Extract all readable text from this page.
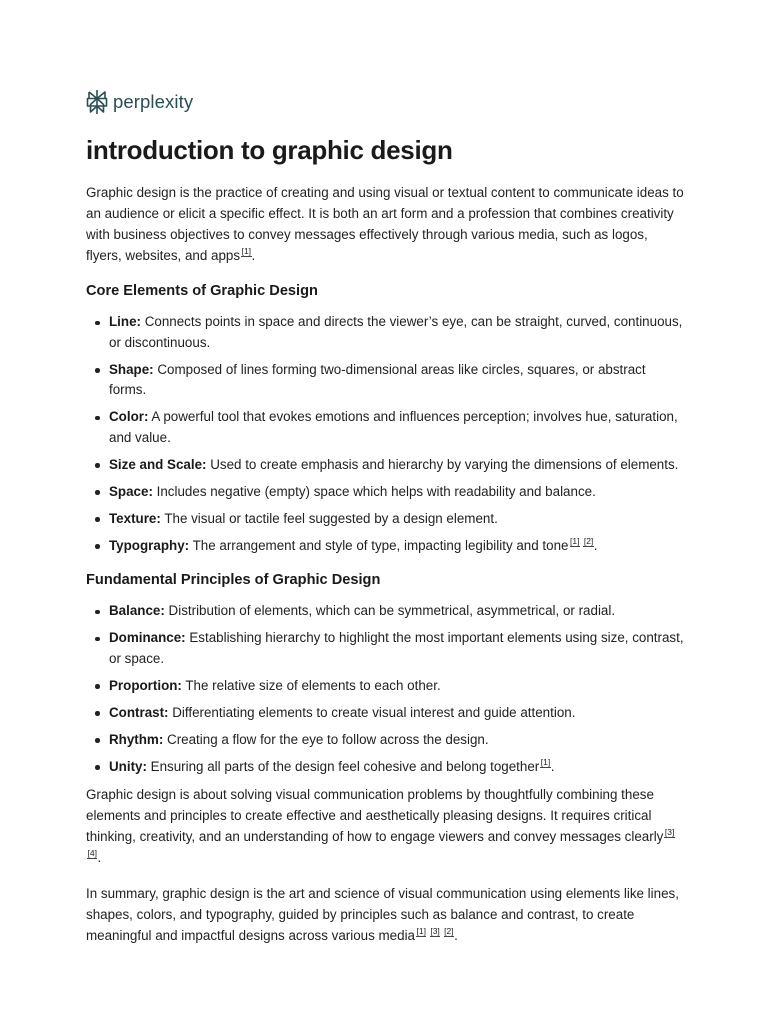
perplexity
introduction to graphic design

Graphic design is the practice of creating and using visual or textual content to communicate ideas to an audience or elicit a specific effect. It is both an art form and a profession that combines creativity with business objectives to convey messages effectively through various media, such as logos, flyers, websites, and apps [1].

Core Elements of Graphic Design
Line: Connects points in space and directs the viewer’s eye, can be straight, curved, continuous, or discontinuous.
Shape: Composed of lines forming two-dimensional areas like circles, squares, or abstract forms.
Color: A powerful tool that evokes emotions and influences perception; involves hue, saturation, and value.
Size and Scale: Used to create emphasis and hierarchy by varying the dimensions of elements.
Space: Includes negative (empty) space which helps with readability and balance.
Texture: The visual or tactile feel suggested by a design element.
Typography: The arrangement and style of type, impacting legibility and tone [1] [2].
Fundamental Principles of Graphic Design
Balance: Distribution of elements, which can be symmetrical, asymmetrical, or radial.
Dominance: Establishing hierarchy to highlight the most important elements using size, contrast, or space.
Proportion: The relative size of elements to each other.
Contrast: Differentiating elements to create visual interest and guide attention.
Rhythm: Creating a flow for the eye to follow across the design.
Unity: Ensuring all parts of the design feel cohesive and belong together [1].

Graphic design is about solving visual communication problems by thoughtfully combining these elements and principles to create effective and aesthetically pleasing designs. It requires critical thinking, creativity, and an understanding of how to engage viewers and convey messages clearly [3] [4].

In summary, graphic design is the art and science of visual communication using elements like lines, shapes, colors, and typography, guided by principles such as balance and contrast, to create meaningful and impactful designs across various media [1] [3] [2].
